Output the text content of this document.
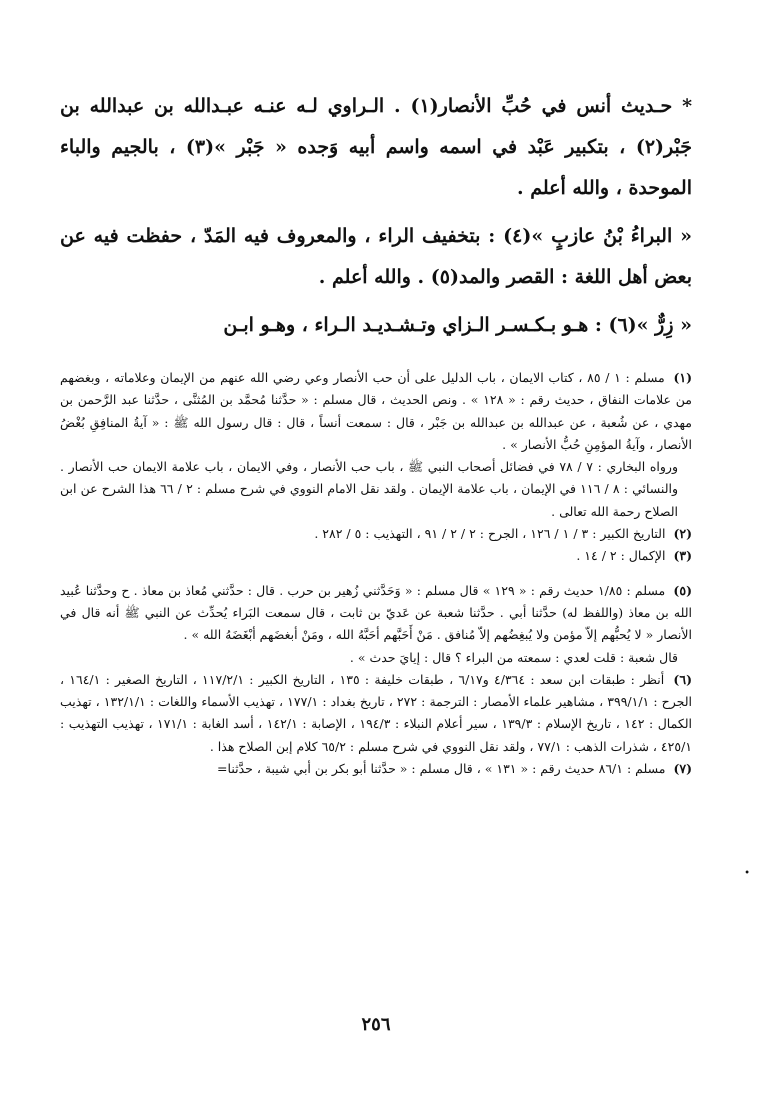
* حـديث أنس في حُبِّ الأنصار(١) . الـراوي لـه عنـه عبـدالله بن عبدالله بن جَبْر(٢) ، بتكبير عَبْد في اسمه واسم أبيه وَجده « جَبْر »(٣) ، بالجيم والباء الموحدة ، والله أعلم .

« البراءُ بْنُ عازبٍ »(٤) : بتخفيف الراء ، والمعروف فيه المَدّ ، حفظت فيه عن بعض أهل اللغة : القصر والمد(٥) . والله أعلم .

« زِرٌّ »(٦) : هـو بـكـسـر الـزاي وتـشـديـد الـراء ، وهـو ابـن

(١) مسلم : ١ / ٨٥ ، كتاب الايمان ، باب الدليل على أن حب الأنصار وعي رضي الله عنهم من الإيمان وعلاماته ، وبغضهم من علامات النفاق ، حديث رقم : « ١٢٨ » . ونص الحديث ، قال مسلم : « حدَّثنا مُحمَّد بن المُثنَّى ، حدَّثنا عبد الرَّحمن بن مهدي ، عن شُعبة ، عن عبدالله بن عبدالله بن جَبْر ، قال : سمعت أنساً ، قال : قال رسول الله ﷺ : « آيةُ المنافِقِ بُغْضُ الأنصار ، وآيةُ المؤمِنِ حُبُّ الأنصار » .

ورواه البخاري : ٧ / ٧٨ في فضائل أصحاب النبي ﷺ ، باب حب الأنصار ، وفي الايمان ، باب علامة الايمان حب الأنصار . والنسائي : ٨ / ١١٦ في الإيمان ، باب علامة الإيمان . ولقد نقل الامام النووي في شرح مسلم : ٢ / ٦٦ هذا الشرح عن ابن الصلاح رحمة الله تعالى .

(٢) التاريخ الكبير : ٣ / ١ / ١٢٦ ، الجرح : ٢ / ٢ / ٩١ ، التهذيب : ٥ / ٢٨٢ .

(٣) الإكمال : ٢ / ١٤ .

(٥) مسلم : ١/٨٥ حديث رقم : « ١٢٩ » قال مسلم : « وَحَدَّثني زُهير بن حرب . قال : حدَّثني مُعاذ بن معاذ . ح وحدَّثنا عُبيد الله بن معاذ (واللفظ له) حدَّثنا أبي . حدَّثنا شعبة عن عَديّ بن ثابت ، قال سمعت البَراء يُحدِّث عن النبي ﷺ أنه قال في الأنصار « لا يُحبُّهم إلاّ مؤمن ولا يُبغِضُهم إلاّ مُنافق . مَنْ أَحَبَّهم أحَبَّهُ الله ، ومَنْ أبغضَهم أبْغَضَهُ الله » .

قال شعبة : قلت لعدي : سمعته من البراء ؟ قال : إيايَ حدث » .

(٦) أنظر : طبقات ابن سعد : ٤/٣٦٤ و٦/١٧ ، طبقات خليفة : ١٣٥ ، التاريخ الكبير : ١١٧/٢/١ ، التاريخ الصغير : ١٦٤/١ ، الجرح : ٣٩٩/١/١ ، مشاهير علماء الأمصار : الترجمة : ٢٧٢ ، تاريخ بغداد : ١٧٧/١ ، تهذيب الأسماء واللغات : ١٣٢/١/١ ، تهذيب الكمال : ١٤٢ ، تاريخ الإسلام : ١٣٩/٣ ، سير أعلام النبلاء : ١٩٤/٣ ، الإصابة : ١٤٢/١ ، أسد الغابة : ١٧١/١ ، تهذيب التهذيب : ٤٢٥/١ ، شذرات الذهب : ٧٧/١ ، ولقد نقل النووي في شرح مسلم : ٦٥/٢ كلام إبن الصلاح هذا .

(٧) مسلم : ٨٦/١ حديث رقم : « ١٣١ » ، قال مسلم : « حدَّثنا أبو بكر بن أبي شيبة ، حدَّثنا=

٢٥٦
•
